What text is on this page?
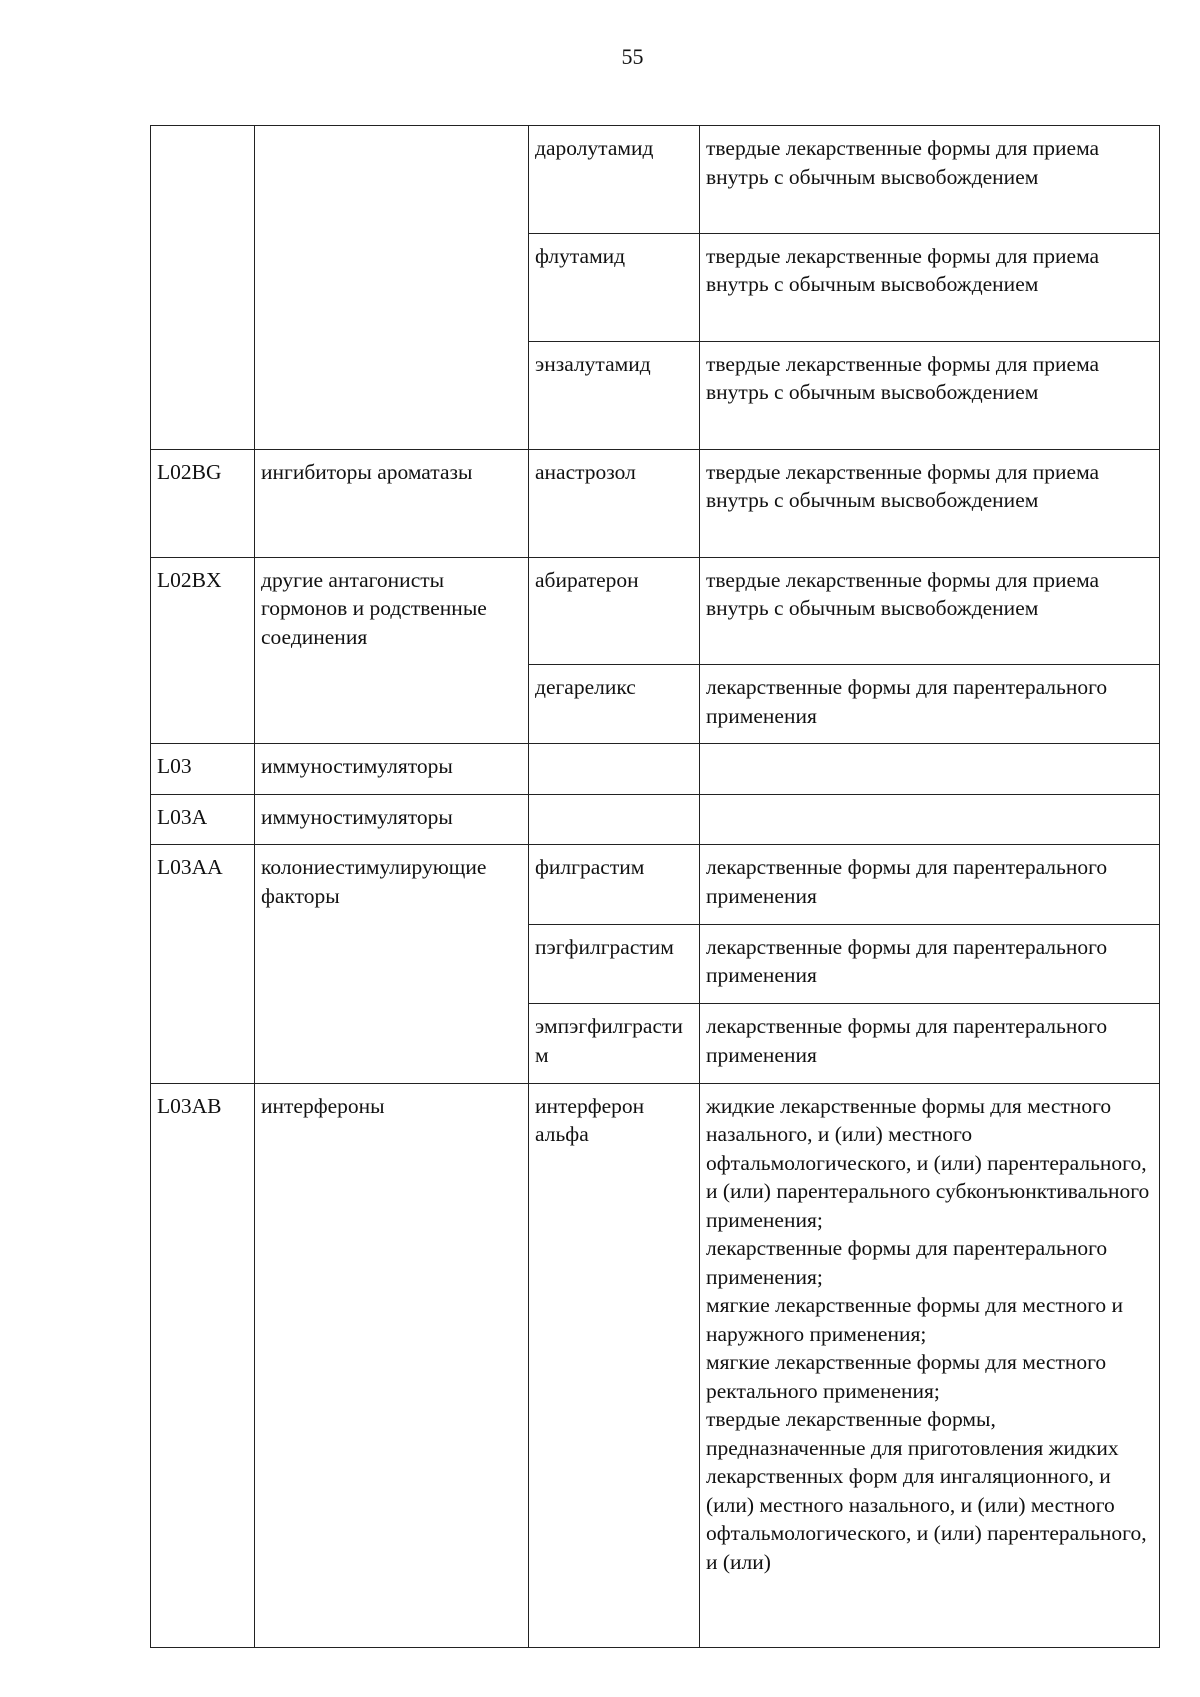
55
		даролутамид	твердые лекарственные формы для приема внутрь с обычным высвобождением

		флутамид	твердые лекарственные формы для приема внутрь с обычным высвобождением

		энзалутамид	твердые лекарственные формы для приема внутрь с обычным высвобождением

L02BG	ингибиторы ароматазы	анастрозол	твердые лекарственные формы для приема внутрь с обычным высвобождением

L02BX	другие антагонисты гормонов и родственные соединения	абиратерон	твердые лекарственные формы для приема внутрь с обычным высвобождением

		дегареликс	лекарственные формы для парентерального применения

L03	иммуностимуляторы		

L03A	иммуностимуляторы		

L03AA	колониестимулирующие факторы	филграстим	лекарственные формы для парентерального применения

		пэгфилграстим	лекарственные формы для парентерального применения

		эмпэгфилграстим	лекарственные формы для парентерального применения

L03AB	интерфероны	интерферон альфа	жидкие лекарственные формы для местного назального, и (или) местного офтальмологического, и (или) парентерального, и (или) парентерального субконъюнктивального применения;
лекарственные формы для парентерального применения;
мягкие лекарственные формы для местного и наружного применения;
мягкие лекарственные формы для местного ректального применения;
твердые лекарственные формы, предназначенные для приготовления жидких лекарственных форм для ингаляционного, и (или) местного назального, и (или) местного офтальмологического, и (или) парентерального, и (или)
